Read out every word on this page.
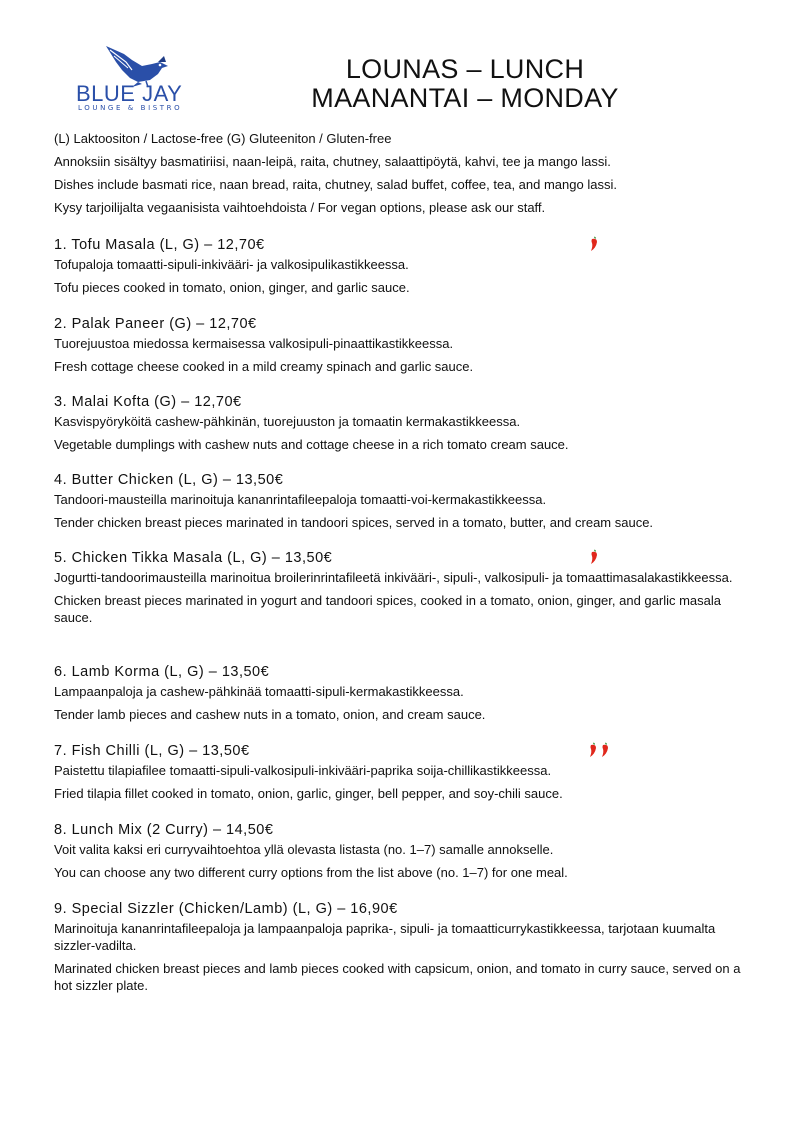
BLUE JAY
LOUNGE & BISTRO
LOUNAS – LUNCH
MAANANTAI – MONDAY

(L) Laktoositon / Lactose-free (G) Gluteeniton / Gluten-free

Annoksiin sisältyy basmatiriisi, naan-leipä, raita, chutney, salaattipöytä, kahvi, tee ja mango lassi.

Dishes include basmati rice, naan bread, raita, chutney, salad buffet, coffee, tea, and mango lassi.

Kysy tarjoilijalta vegaanisista vaihtoehdoista / For vegan options, please ask our staff.

1. Tofu Masala (L, G) – 12,70€

Tofupaloja tomaatti-sipuli-inkivääri- ja valkosipulikastikkeessa.

Tofu pieces cooked in tomato, onion, ginger, and garlic sauce.

2. Palak Paneer (G) – 12,70€

Tuorejuustoa miedossa kermaisessa valkosipuli-pinaattikastikkeessa.

Fresh cottage cheese cooked in a mild creamy spinach and garlic sauce.

3. Malai Kofta (G) – 12,70€

Kasvispyöryköitä cashew-pähkinän, tuorejuuston ja tomaatin kermakastikkeessa.

Vegetable dumplings with cashew nuts and cottage cheese in a rich tomato cream sauce.

4. Butter Chicken (L, G) – 13,50€

Tandoori-mausteilla marinoituja kananrintafileepaloja tomaatti-voi-kermakastikkeessa.

Tender chicken breast pieces marinated in tandoori spices, served in a tomato, butter, and cream sauce.

5. Chicken Tikka Masala (L, G) – 13,50€

Jogurtti-tandoorimausteilla marinoitua broilerinrintafileetä inkivääri-, sipuli-, valkosipuli- ja tomaattimasalakastikkeessa.

Chicken breast pieces marinated in yogurt and tandoori spices, cooked in a tomato, onion, ginger, and garlic masala sauce.

6. Lamb Korma (L, G) – 13,50€

Lampaanpaloja ja cashew-pähkinää tomaatti-sipuli-kermakastikkeessa.

Tender lamb pieces and cashew nuts in a tomato, onion, and cream sauce.

7. Fish Chilli (L, G) – 13,50€

Paistettu tilapiafilee tomaatti-sipuli-valkosipuli-inkivääri-paprika soija-chillikastikkeessa.

Fried tilapia fillet cooked in tomato, onion, garlic, ginger, bell pepper, and soy-chili sauce.

8. Lunch Mix (2 Curry) – 14,50€

Voit valita kaksi eri curryvaihtoehtoa yllä olevasta listasta (no. 1–7) samalle annokselle.

You can choose any two different curry options from the list above (no. 1–7) for one meal.

9. Special Sizzler (Chicken/Lamb) (L, G) – 16,90€

Marinoituja kananrintafileepaloja ja lampaanpaloja paprika-, sipuli- ja tomaatticurrykastikkeessa, tarjotaan kuumalta sizzler-vadilta.

Marinated chicken breast pieces and lamb pieces cooked with capsicum, onion, and tomato in curry sauce, served on a hot sizzler plate.
